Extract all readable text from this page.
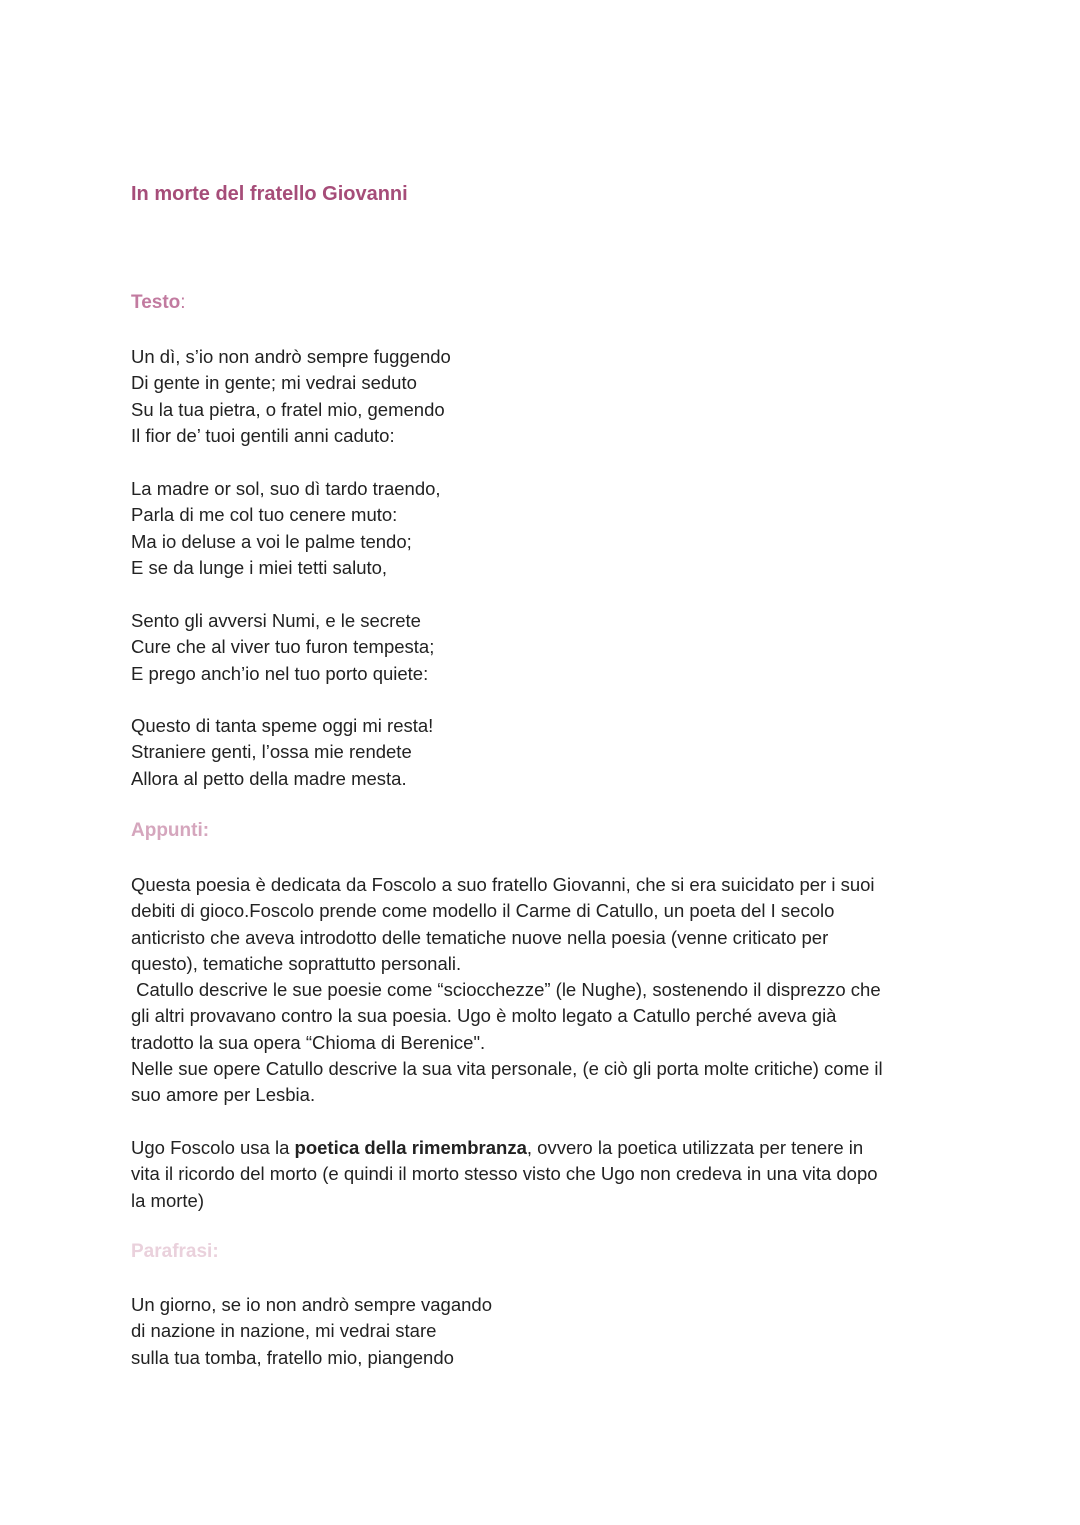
In morte del fratello Giovanni
Testo:

Un dì, s’io non andrò sempre fuggendo
Di gente in gente; mi vedrai seduto
Su la tua pietra, o fratel mio, gemendo
Il fior de’ tuoi gentili anni caduto:

La madre or sol, suo dì tardo traendo,
Parla di me col tuo cenere muto:
Ma io deluse a voi le palme tendo;
E se da lunge i miei tetti saluto,

Sento gli avversi Numi, e le secrete
Cure che al viver tuo furon tempesta;
E prego anch’io nel tuo porto quiete:

Questo di tanta speme oggi mi resta!
Straniere genti, l’ossa mie rendete
Allora al petto della madre mesta.

Appunti:

Questa poesia è dedicata da Foscolo a suo fratello Giovanni, che si era suicidato per i suoi
debiti di gioco.Foscolo prende come modello il Carme di Catullo, un poeta del I secolo
anticristo che aveva introdotto delle tematiche nuove nella poesia (venne criticato per
questo), tematiche soprattutto personali.
Catullo descrive le sue poesie come “sciocchezze” (le Nughe), sostenendo il disprezzo che
gli altri provavano contro la sua poesia. Ugo è molto legato a Catullo perché aveva già
tradotto la sua opera “Chioma di Berenice".
Nelle sue opere Catullo descrive la sua vita personale, (e ciò gli porta molte critiche) come il
suo amore per Lesbia.

Ugo Foscolo usa la poetica della rimembranza, ovvero la poetica utilizzata per tenere in
vita il ricordo del morto (e quindi il morto stesso visto che Ugo non credeva in una vita dopo
la morte)

Parafrasi:

Un giorno, se io non andrò sempre vagando
di nazione in nazione, mi vedrai stare
sulla tua tomba, fratello mio, piangendo
